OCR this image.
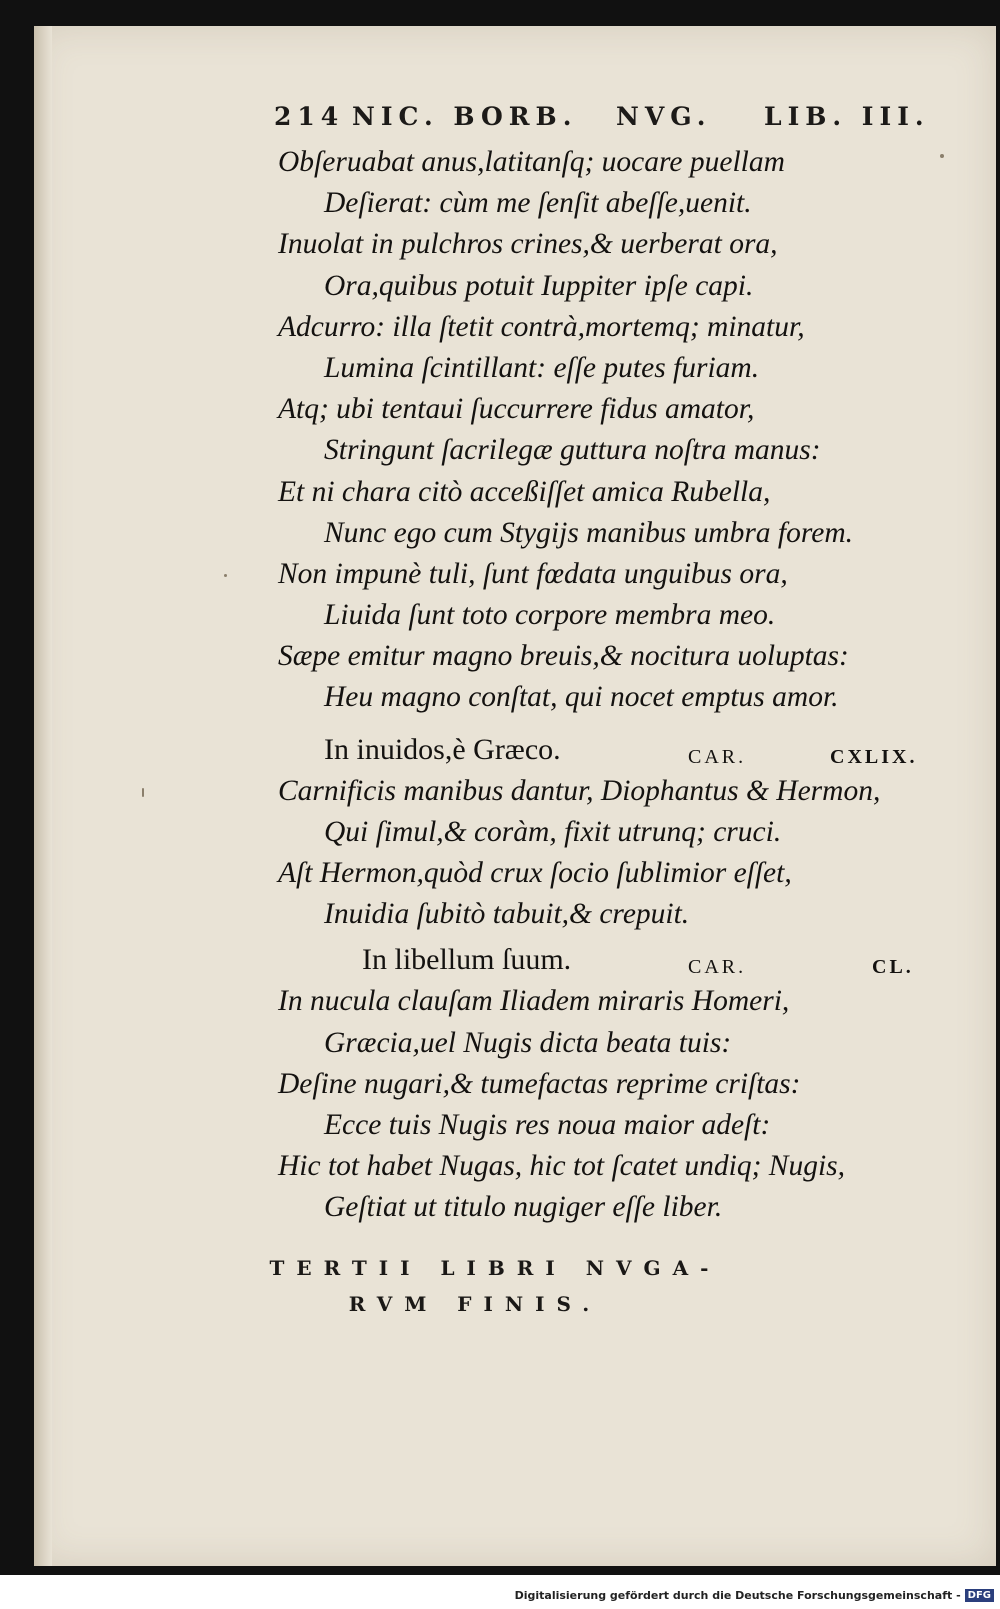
214 NIC. BORB. NVG. LIB. III.
Obſeruabat anus,latitanſq; uocare puellam
Deſierat: cùm me ſenſit abeſſe,uenit.
Inuolat in pulchros crines,& uerberat ora,
Ora,quibus potuit Iuppiter ipſe capi.
Adcurro: illa ſtetit contrà,mortemq; minatur,
Lumina ſcintillant: eſſe putes furiam.
Atq; ubi tentaui ſuccurrere fidus amator,
Stringunt ſacrilegæ guttura noſtra manus:
Et ni chara citò acceßiſſet amica Rubella,
Nunc ego cum Stygijs manibus umbra forem.
Non impunè tuli, ſunt fœdata unguibus ora,
Liuida ſunt toto corpore membra meo.
Sæpe emitur magno breuis,& nocitura uoluptas:
Heu magno conſtat, qui nocet emptus amor.
In inuidos,è Græco.	CAR.	CXLIX.
Carnificis manibus dantur, Diophantus & Hermon,
Qui ſimul,& coràm, fixit utrunq; cruci.
Aſt Hermon,quòd crux ſocio ſublimior eſſet,
Inuidia ſubitò tabuit,& crepuit.
In libellum ſuum.	CAR.	CL.
In nucula clauſam Iliadem miraris Homeri,
Græcia,uel Nugis dicta beata tuis:
Deſine nugari,& tumefactas reprime criſtas:
Ecce tuis Nugis res noua maior adeſt:
Hic tot habet Nugas, hic tot ſcatet undiq; Nugis,
Geſtiat ut titulo nugiger eſſe liber.
TERTII LIBRI NVGA-
RVM FINIS.
Digitalisierung gefördert durch die Deutsche Forschungsgemeinschaft - DFG
